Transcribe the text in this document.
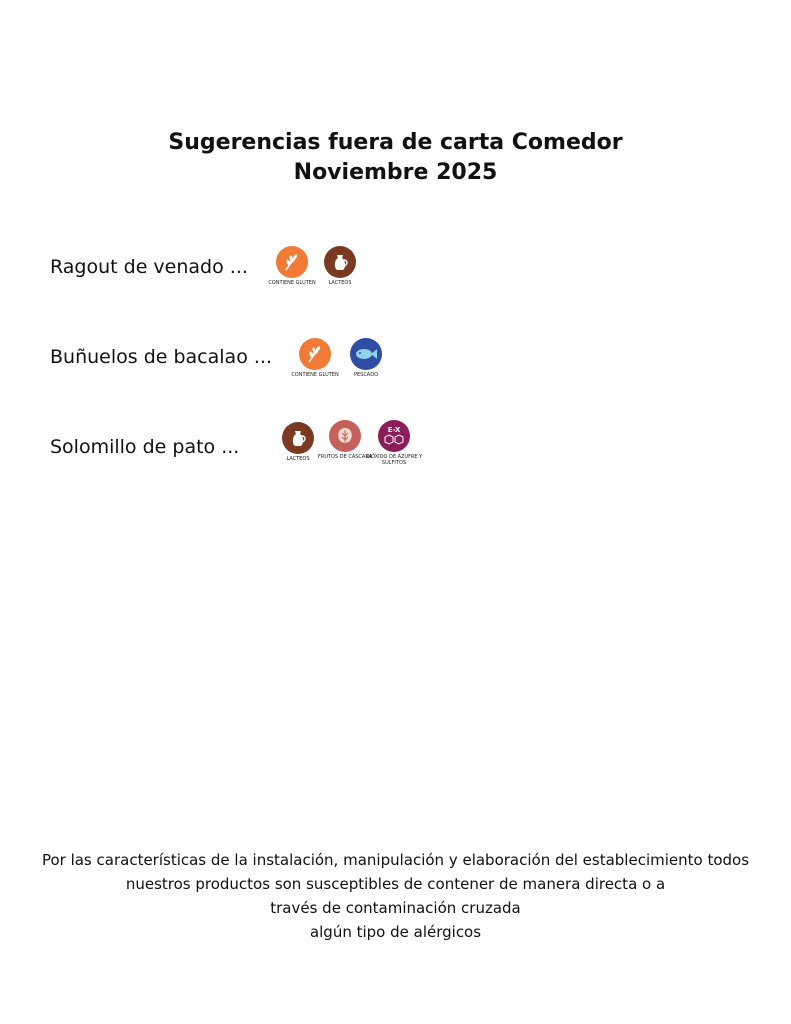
Sugerencias fuera de carta Comedor
Noviembre 2025
Ragout de venado ...
CONTIENE GLUTEN	LACTEOS
Buñuelos de bacalao ...
CONTIENE GLUTEN	PESCADO
Solomillo de pato ...
LACTEOS	FRUTOS DE CÁSCARA
E-X
DIÓXIDO DE AZUFRE Y SULFITOS
Por las características de la instalación, manipulación y elaboración del establecimiento todos
nuestros productos son susceptibles de contener de manera directa o a
través de contaminación cruzada
algún tipo de alérgicos
